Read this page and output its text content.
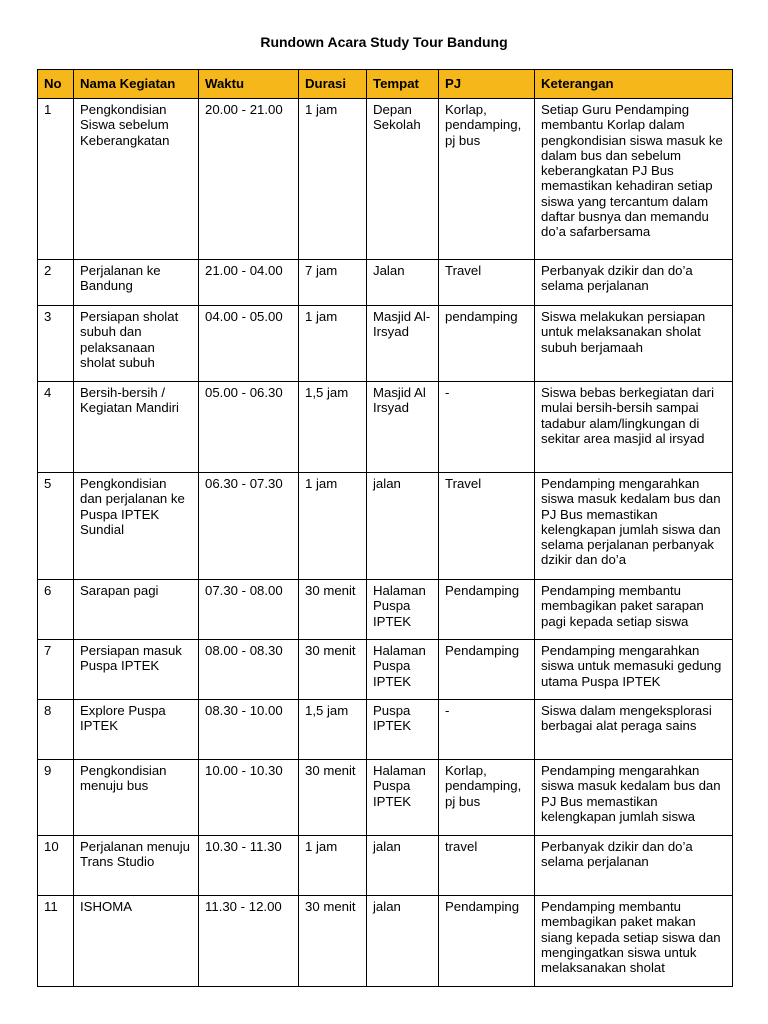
Rundown Acara Study Tour Bandung
No	Nama Kegiatan	Waktu	Durasi	Tempat	PJ	Keterangan
1	Pengkondisian Siswa sebelum Keberangkatan	20.00 - 21.00	1 jam	Depan Sekolah	Korlap, pendamping, pj bus	Setiap Guru Pendamping membantu Korlap dalam pengkondisian siswa masuk ke dalam bus dan sebelum keberangkatan PJ Bus memastikan kehadiran setiap siswa yang tercantum dalam daftar busnya dan memandu do’a safarbersama
2	Perjalanan ke Bandung	21.00 - 04.00	7 jam	Jalan	Travel	Perbanyak dzikir dan do’a selama perjalanan
3	Persiapan sholat subuh dan pelaksanaan sholat subuh	04.00 - 05.00	1 jam	Masjid Al-Irsyad	pendamping	Siswa melakukan persiapan untuk melaksanakan sholat subuh berjamaah
4	Bersih-bersih / Kegiatan Mandiri	05.00 - 06.30	1,5 jam	Masjid Al Irsyad	-	Siswa bebas berkegiatan dari mulai bersih-bersih sampai tadabur alam/lingkungan di sekitar area masjid al irsyad
5	Pengkondisian dan perjalanan ke Puspa IPTEK Sundial	06.30 - 07.30	1 jam	jalan	Travel	Pendamping mengarahkan siswa masuk kedalam bus dan PJ Bus memastikan kelengkapan jumlah siswa dan selama perjalanan perbanyak dzikir dan do’a
6	Sarapan pagi	07.30 - 08.00	30 menit	Halaman Puspa IPTEK	Pendamping	Pendamping membantu membagikan paket sarapan pagi kepada setiap siswa
7	Persiapan masuk Puspa IPTEK	08.00 - 08.30	30 menit	Halaman Puspa IPTEK	Pendamping	Pendamping mengarahkan siswa untuk memasuki gedung utama Puspa IPTEK
8	Explore Puspa IPTEK	08.30 - 10.00	1,5 jam	Puspa IPTEK	-	Siswa dalam mengeksplorasi berbagai alat peraga sains
9	Pengkondisian menuju bus	10.00 - 10.30	30 menit	Halaman Puspa IPTEK	Korlap, pendamping, pj bus	Pendamping mengarahkan siswa masuk kedalam bus dan PJ Bus memastikan kelengkapan jumlah siswa
10	Perjalanan menuju Trans Studio	10.30 - 11.30	1 jam	jalan	travel	Perbanyak dzikir dan do’a selama perjalanan
11	ISHOMA	11.30 - 12.00	30 menit	jalan	Pendamping	Pendamping membantu membagikan paket makan siang kepada setiap siswa dan mengingatkan siswa untuk melaksanakan sholat
